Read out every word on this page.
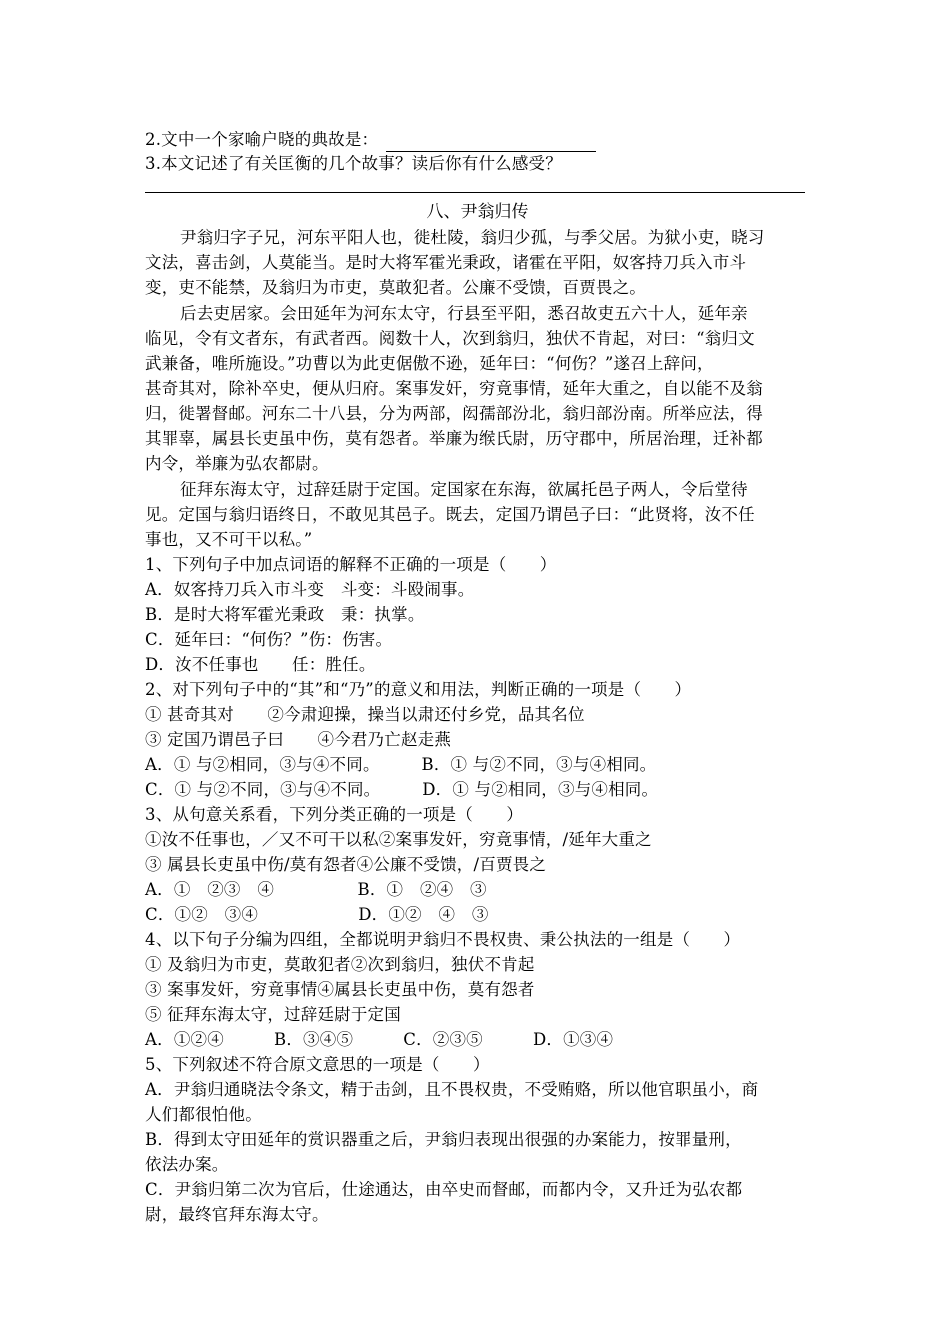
2.文中一个家喻户晓的典故是：
3.本文记述了有关匡衡的几个故事？读后你有什么感受？
八、尹翁归传
尹翁归字子兄，河东平阳人也，徙杜陵，翁归少孤，与季父居。为狱小吏，晓习
文法，喜击剑，人莫能当。是时大将军霍光秉政，诸霍在平阳，奴客持刀兵入市斗
变，吏不能禁，及翁归为市吏，莫敢犯者。公廉不受馈，百贾畏之。
后去吏居家。会田延年为河东太守，行县至平阳，悉召故吏五六十人，延年亲
临见，令有文者东，有武者西。阅数十人，次到翁归，独伏不肯起，对曰：“翁归文
武兼备，唯所施设。”功曹以为此吏倨傲不逊，延年曰：“何伤？”遂召上辞问，
甚奇其对，除补卒史，便从归府。案事发奸，穷竟事情，延年大重之，自以能不及翁
归，徙署督邮。河东二十八县，分为两部，闳孺部汾北，翁归部汾南。所举应法，得
其罪辜，属县长吏虽中伤，莫有怨者。举廉为缑氏尉，历守郡中，所居治理，迁补都
内令，举廉为弘农都尉。
征拜东海太守，过辞廷尉于定国。定国家在东海，欲属托邑子两人，令后堂待
见。定国与翁归语终日，不敢见其邑子。既去，定国乃谓邑子曰：“此贤将，汝不任
事也，又不可干以私。”
1、下列句子中加点词语的解释不正确的一项是（　　）
A．奴客持刀兵入市斗变　斗变：斗殴闹事。
B．是时大将军霍光秉政　秉：执掌。
C．延年曰：“何伤？”伤：伤害。
D．汝不任事也　　任：胜任。
2、对下列句子中的“其”和“乃”的意义和用法，判断正确的一项是（　　）
① 甚奇其对　　②今肃迎操，操当以肃还付乡党，品其名位
③ 定国乃谓邑子曰　　④今君乃亡赵走燕
A．① 与②相同，③与④不同。　　　B．① 与②不同，③与④相同。
C．① 与②不同，③与④不同。　　　D．① 与②相同，③与④相同。
3、从句意关系看，下列分类正确的一项是（　　）
①汝不任事也，／又不可干以私②案事发奸，穷竟事情，/延年大重之
③ 属县长吏虽中伤/莫有怨者④公廉不受馈，/百贾畏之
A．①　②③　④　　　　　B．①　②④　③
C．①②　③④　　　　　　D．①②　④　③
4、以下句子分编为四组，全都说明尹翁归不畏权贵、秉公执法的一组是（　　）
① 及翁归为市吏，莫敢犯者②次到翁归，独伏不肯起
③ 案事发奸，穷竟事情④属县长吏虽中伤，莫有怨者
⑤ 征拜东海太守，过辞廷尉于定国
A．①②④　　　B．③④⑤　　　C．②③⑤　　　D．①③④
5、下列叙述不符合原文意思的一项是（　　）
A．尹翁归通晓法令条文，精于击剑，且不畏权贵，不受贿赂，所以他官职虽小，商
人们都很怕他。
B．得到太守田延年的赏识器重之后，尹翁归表现出很强的办案能力，按罪量刑，
依法办案。
C．尹翁归第二次为官后，仕途通达，由卒史而督邮，而都内令，又升迁为弘农都
尉，最终官拜东海太守。
